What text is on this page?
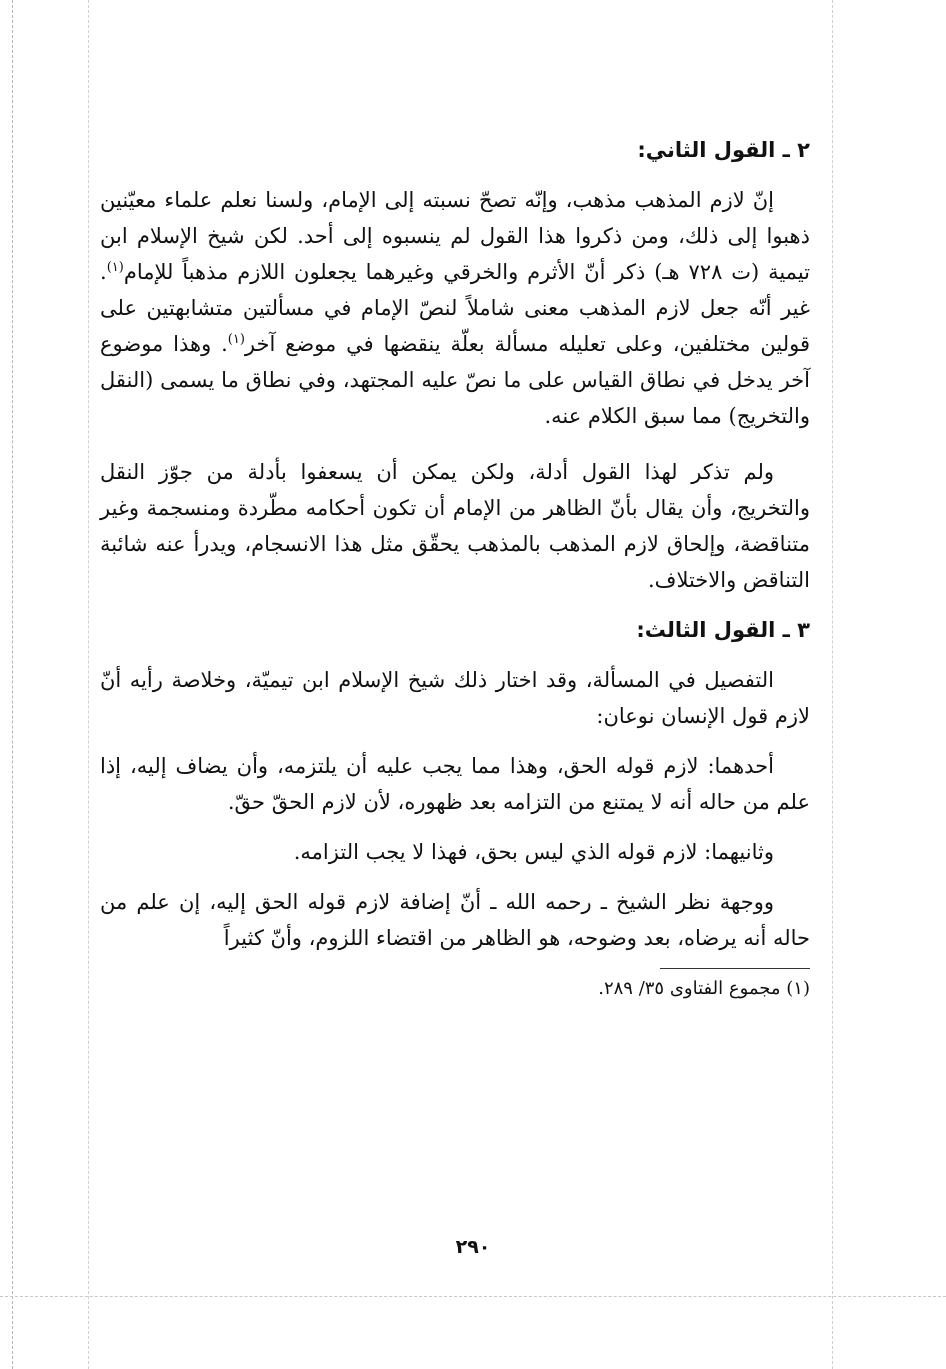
٢ ـ القول الثاني:

إنّ لازم المذهب مذهب، وإنّه تصحّ نسبته إلى الإمام، ولسنا نعلم علماء معيّنين ذهبوا إلى ذلك، ومن ذكروا هذا القول لم ينسبوه إلى أحد. لكن شيخ الإسلام ابن تيمية (ت ٧٢٨ هـ) ذكر أنّ الأثرم والخرقي وغيرهما يجعلون اللازم مذهباً للإمام$^{(١)}$. غير أنّه جعل لازم المذهب معنى شاملاً لنصّ الإمام في مسألتين متشابهتين على قولين مختلفين، وعلى تعليله مسألة بعلّة ينقضها في موضع آخر$^{(١)}$. وهذا موضوع آخر يدخل في نطاق القياس على ما نصّ عليه المجتهد، وفي نطاق ما يسمى (النقل والتخريج) مما سبق الكلام عنه.

ولم تذكر لهذا القول أدلة، ولكن يمكن أن يسعفوا بأدلة من جوّز النقل والتخريج، وأن يقال بأنّ الظاهر من الإمام أن تكون أحكامه مطّردة ومنسجمة وغير متناقضة، وإلحاق لازم المذهب بالمذهب يحقّق مثل هذا الانسجام، ويدرأ عنه شائبة التناقض والاختلاف.

٣ ـ القول الثالث:

التفصيل في المسألة، وقد اختار ذلك شيخ الإسلام ابن تيميّة، وخلاصة رأيه أنّ لازم قول الإنسان نوعان:

أحدهما: لازم قوله الحق، وهذا مما يجب عليه أن يلتزمه، وأن يضاف إليه، إذا علم من حاله أنه لا يمتنع من التزامه بعد ظهوره، لأن لازم الحقّ حقّ.

وثانيهما: لازم قوله الذي ليس بحق، فهذا لا يجب التزامه.

ووجهة نظر الشيخ ـ رحمه الله ـ أنّ إضافة لازم قوله الحق إليه، إن علم من حاله أنه يرضاه، بعد وضوحه، هو الظاهر من اقتضاء اللزوم، وأنّ كثيراً

(١) مجموع الفتاوى ٣٥/ ٢٨٩.

٢٩٠
